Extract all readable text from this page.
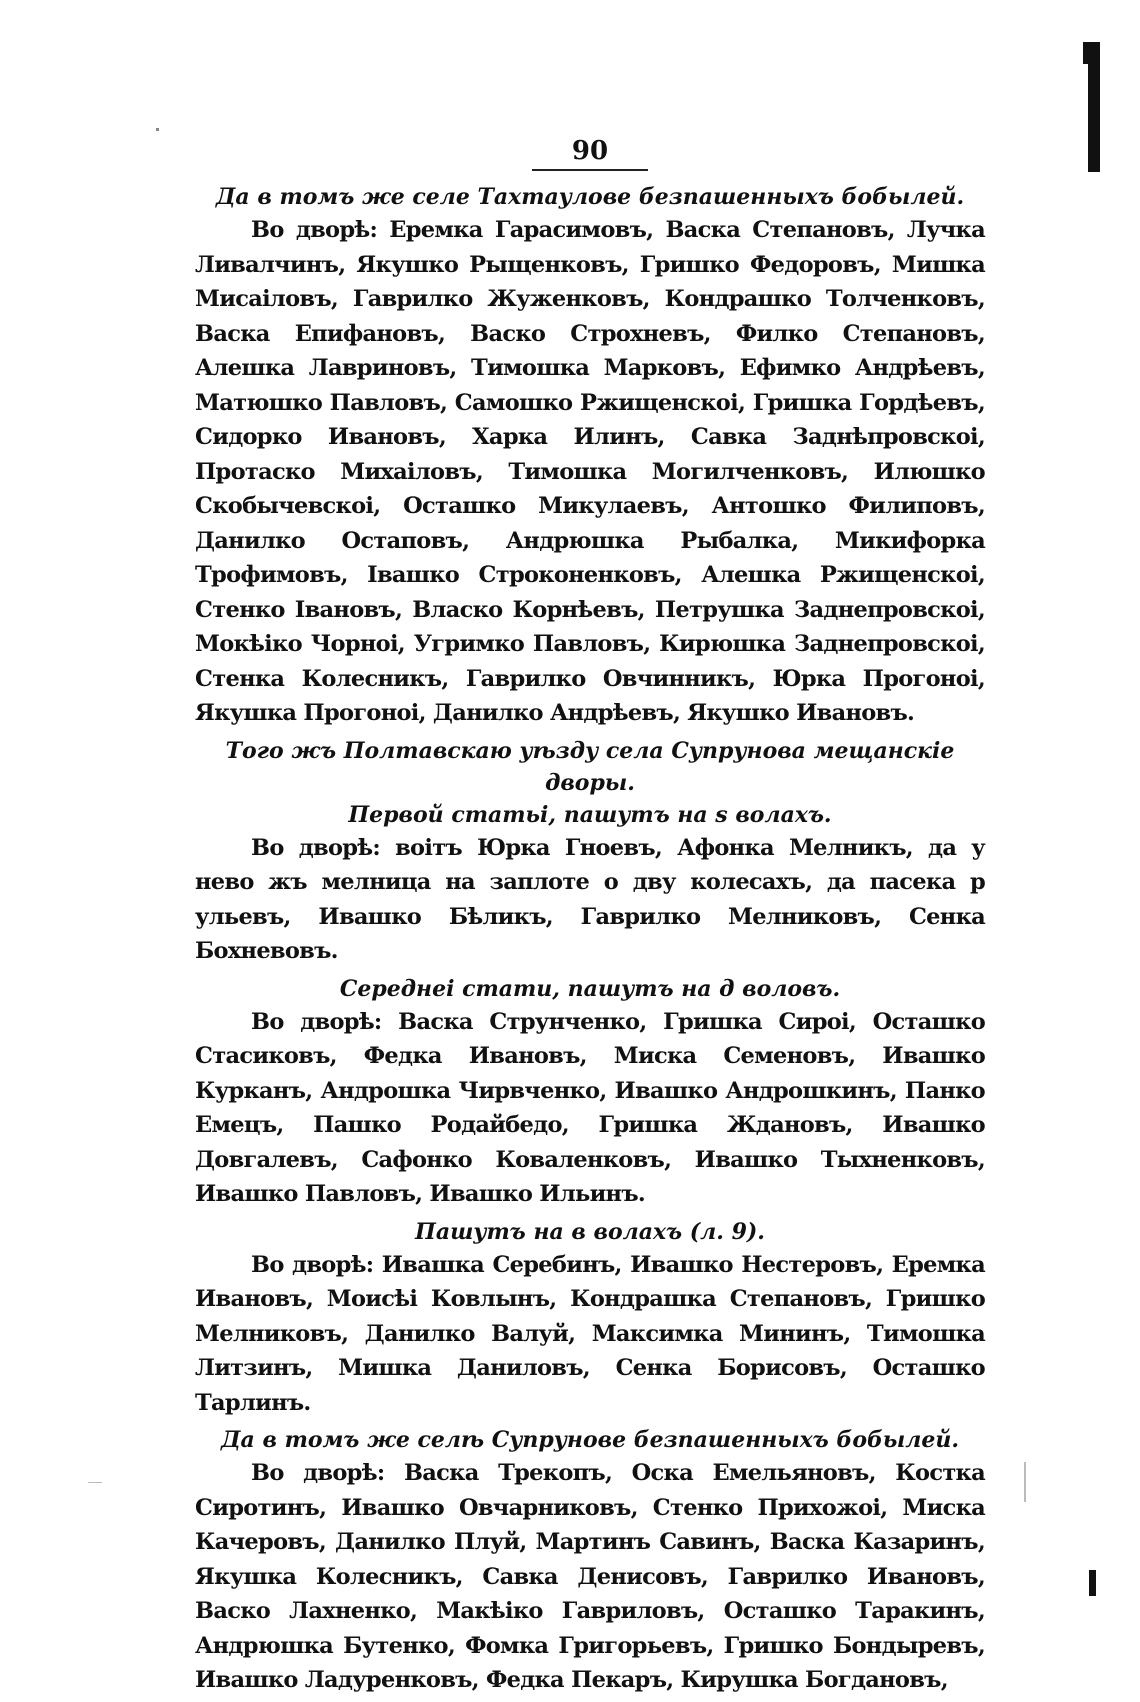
90

Да в томъ же селе Тахтаулове безпашенныхъ бобылей.

Во дворѣ: Еремка Гарасимовъ, Васка Степановъ, Лучка Ливалчинъ, Якушко Рыщенковъ, Гришко Федоровъ, Мишка Мисаiловъ, Гаврилко Жуженковъ, Кондрашко Толченковъ, Васка Епифановъ, Васко Строхневъ, Филко Степановъ, Алешка Лавриновъ, Тимошка Марковъ, Ефимко Андрѣевъ, Матюшко Павловъ, Самошко Ржищенскоi, Гришка Гордѣевъ, Сидорко Ивановъ, Харка Илинъ, Савка Заднѣпровскоi, Протаско Михаiловъ, Тимошка Могилченковъ, Илюшко Скобычевскоi, Осташко Микулаевъ, Антошко Филиповъ, Данилко Остаповъ, Андрюшка Рыбалка, Микифорка Трофимовъ, Iвашко Строконенковъ, Алешка Ржищенскоi, Стенко Iвановъ, Власко Корнѣевъ, Петрушка Заднепровскоi, Мокѣiко Чорноi, Угримко Павловъ, Кирюшка Заднепровскоi, Стенка Колесникъ, Гаврилко Овчинникъ, Юрка Прогоноi, Якушка Прогоноi, Данилко Андрѣевъ, Якушко Ивановъ.

Того жъ Полтавскаю уѣзду села Супрунова мещанскiе дворы.

Первой статьi, пашутъ на ѕ волахъ.

Во дворѣ: воiтъ Юрка Гноевъ, Афонка Мелникъ, да у нево жъ мелница на заплоте о дву колесахъ, да пасека р ульевъ, Ивашко Бѣликъ, Гаврилко Мелниковъ, Сенка Бохневовъ.

Середнеi стати, пашутъ на д воловъ.

Во дворѣ: Васка Струнченко, Гришка Сироi, Осташко Стасиковъ, Федка Ивановъ, Миска Семеновъ, Ивашко Курканъ, Андрошка Чирвченко, Ивашко Андрошкинъ, Панко Емецъ, Пашко Родайбедо, Гришка Ждановъ, Ивашко Довгалевъ, Сафонко Коваленковъ, Ивашко Тыхненковъ, Ивашко Павловъ, Ивашко Ильинъ.

Пашутъ на в волахъ (л. 9).

Во дворѣ: Ивашка Серебинъ, Ивашко Нестеровъ, Еремка Ивановъ, Моисѣi Ковлынъ, Кондрашка Степановъ, Гришко Мелниковъ, Данилко Валуй, Максимка Мининъ, Тимошка Литзинъ, Мишка Даниловъ, Сенка Борисовъ, Осташко Тарлинъ.

Да в томъ же селѣ Супрунове безпашенныхъ бобылей.

Во дворѣ: Васка Трекопъ, Оска Емельяновъ, Костка Сиротинъ, Ивашко Овчарниковъ, Стенко Прихожоi, Миска Качеровъ, Данилко Плуй, Мартинъ Савинъ, Васка Казаринъ, Якушка Колесникъ, Савка Денисовъ, Гаврилко Ивановъ, Васко Лахненко, Макѣiко Гавриловъ, Осташко Таракинъ, Андрюшка Бутенко, Фомка Григорьевъ, Гришко Бондыревъ, Ивашко Ладуренковъ, Федка Пекаръ, Кирушка Богдановъ,
